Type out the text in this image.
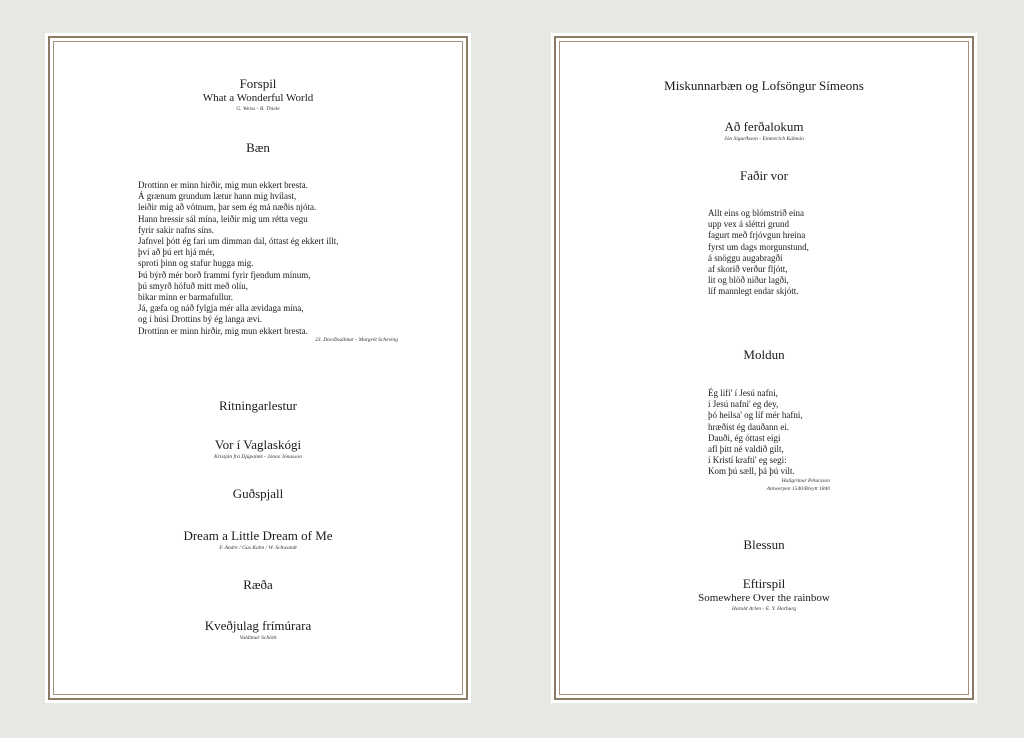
Forspil
What a Wonderful World
G. Weiss - B. Thiele
Bæn
Drottinn er minn hirðir, mig mun ekkert bresta.
Á grænum grundum lætur hann mig hvílast,
leiðir mig að vötnum, þar sem ég má næðis njóta.
Hann hressir sál mína, leiðir mig um rétta vegu
fyrir sakir nafns síns.
Jafnvel þótt ég fari um dimman dal, óttast ég ekkert illt,
því að þú ert hjá mér,
sproti þinn og stafur hugga mig.
Þú býrð mér borð frammi fyrir fjendum mínum,
þú smyrð höfuð mitt með olíu,
bikar minn er barmafullur.
Já, gæfa og náð fylgja mér alla ævidaga mína,
og í húsi Drottins bý ég langa ævi.
Drottinn er minn hirðir, mig mun ekkert bresta.
23. Davíðssálmur - Margrét Scheving
Ritningarlestur
Vor í Vaglaskógi
Kristján frá Djúpalæk - Jónas Jónasson
Guðspjall
Dream a Little Dream of Me
F. Andre / Gus Kahn / W. Schwandt
Ræða
Kveðjulag frímúrara
Valdimar Schiött
Miskunnarbæn og Lofsöngur Símeons
Að ferðalokum
Jón Sigurðsson - Emmerich Kálmán
Faðir vor
Allt eins og blómstrið eina
upp vex á sléttri grund
fagurt með frjóvgun hreina
fyrst um dags morgunstund,
á snöggu augabragði
af skorið verður fljótt,
lit og blöð niður lagði,
líf mannlegt endar skjótt.
Moldun
Ég lifi' í Jesú nafni,
í Jesú nafni' eg dey,
þó heilsa' og líf mér hafni,
hræðist ég dauðann ei.
Dauði, ég óttast eigi
afl þitt né valdið gilt,
í Kristí krafti' eg segi:
Kom þú sæll, þá þú vilt.
Hallgrímur Pétursson
Antwerpen 1540/Breytt 1840
Blessun
Eftirspil
Somewhere Over the rainbow
Harold Arlen - E. Y. Harburg
